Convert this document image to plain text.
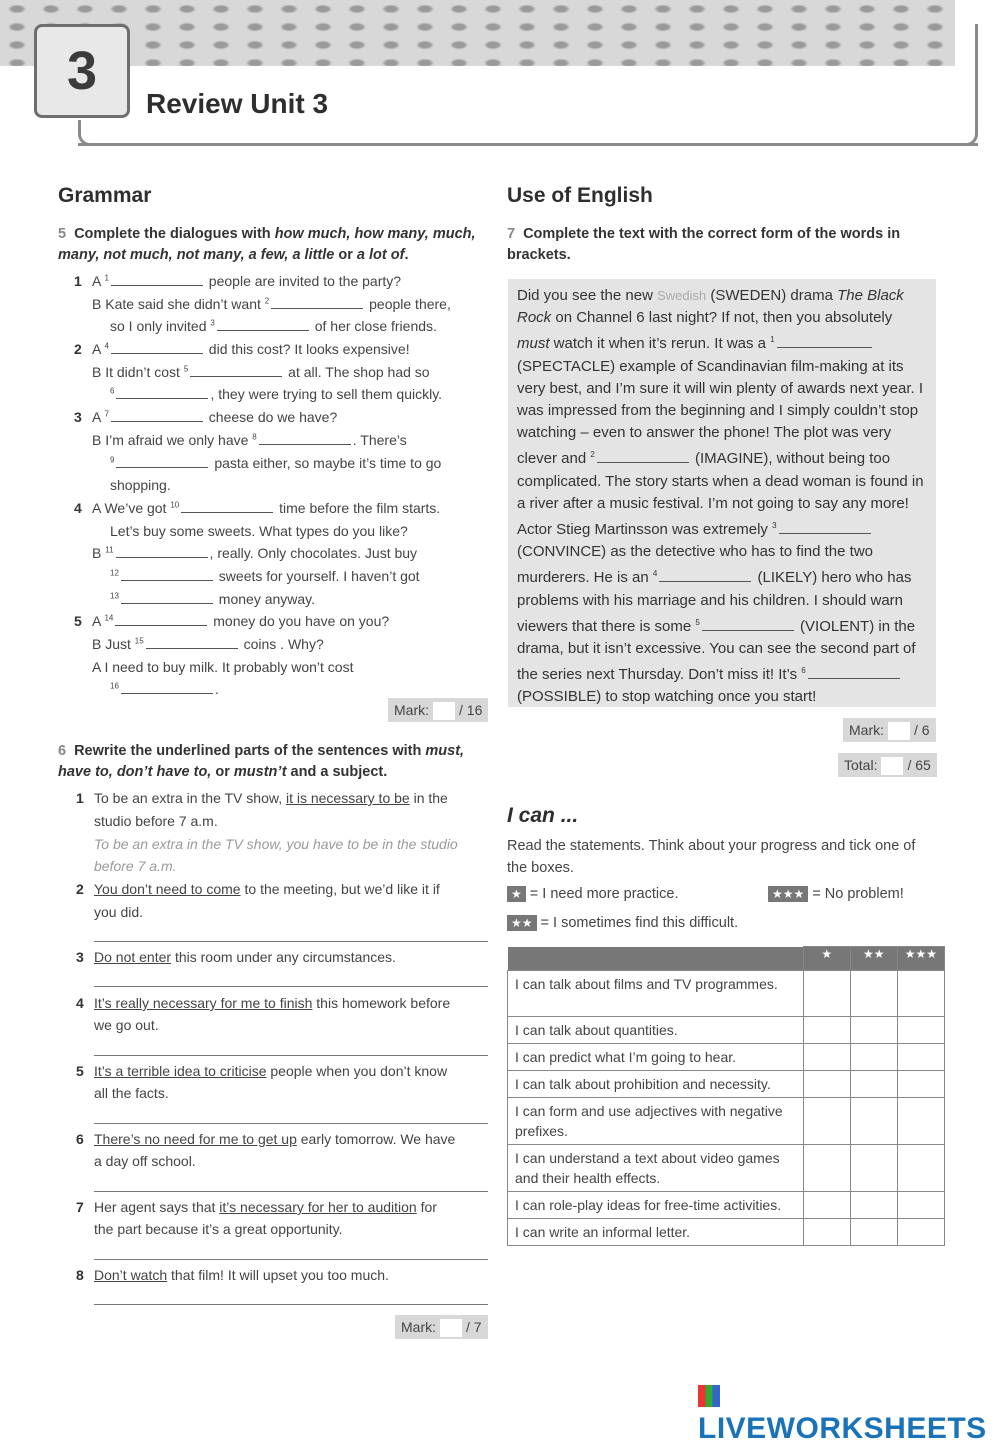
3
Review Unit 3
Grammar
5 Complete the dialogues with how much, how many, much, many, not much, not many, a few, a little or a lot of.
1 A $^1$	people are invited to the party?
B Kate said she didn’t want $^2$	people there,
so I only invited $^3$	of her close friends.
2 A $^4$	did this cost? It looks expensive!
B It didn’t cost $^5$	at all. The shop had so
$^6$	, they were trying to sell them quickly.
3 A $^7$	cheese do we have?
B I’m afraid we only have $^8$	. There’s
$^9$	pasta either, so maybe it’s time to go
shopping.
4 A We’ve got $^{10}$	time before the film starts.
Let’s buy some sweets. What types do you like?
B $^{11}$	, really. Only chocolates. Just buy
$^{12}$	sweets for yourself. I haven’t got
$^{13}$	money anyway.
5 A $^{14}$	money do you have on you?
B Just $^{15}$	coins . Why?
A I need to buy milk. It probably won’t cost
$^{16}$	.
Mark: / 16
6 Rewrite the underlined parts of the sentences with must, have to, don’t have to, or mustn’t and a subject.
1 To be an extra in the TV show, it is necessary to be in the
studio before 7 a.m.
To be an extra in the TV show, you have to be in the studio
before 7 a.m.
2 You don’t need to come to the meeting, but we’d like it if
you did.
3 Do not enter this room under any circumstances.
4 It’s really necessary for me to finish this homework before
we go out.
5 It’s a terrible idea to criticise people when you don’t know
all the facts.
6 There’s no need for me to get up early tomorrow. We have
a day off school.
7 Her agent says that it’s necessary for her to audition for
the part because it’s a great opportunity.
8 Don’t watch that film! It will upset you too much.
Mark: / 7
Use of English
7 Complete the text with the correct form of the words in brackets.
Did you see the new Swedish (SWEDEN) drama The Black Rock on Channel 6 last night? If not, then you absolutely must watch it when it’s rerun. It was a $^1$ (SPECTACLE) example of Scandinavian film-making at its very best, and I’m sure it will win plenty of awards next year. I was impressed from the beginning and I simply couldn’t stop watching – even to answer the phone! The plot was very clever and $^2$	(IMAGINE), without being too complicated. The story starts when a dead woman is found in a river after a music festival. I’m not going to say any more! Actor Stieg Martinsson was extremely $^3$ (CONVINCE) as the detective who has to find the two murderers. He is an $^4$	(LIKELY) hero who has problems with his marriage and his children. I should warn viewers that there is some $^5$	(VIOLENT) in the drama, but it isn’t excessive. You can see the second part of the series next Thursday. Don’t miss it! It’s $^6$ (POSSIBLE) to stop watching once you start!
Mark: / 6
Total: / 65
I can ...
Read the statements. Think about your progress and tick one of the boxes.
★ = I need more practice.	★★★ = No problem!
★★ = I sometimes find this difficult.
	★	★★	★★★
I can talk about films and TV programmes.			
I can talk about quantities.			
I can predict what I’m going to hear.			
I can talk about prohibition and necessity.			
I can form and use adjectives with negative prefixes.			
I can understand a text about video games and their health effects.			
I can role-play ideas for free-time activities.			
I can write an informal letter.			
LIVEWORKSHEETS
